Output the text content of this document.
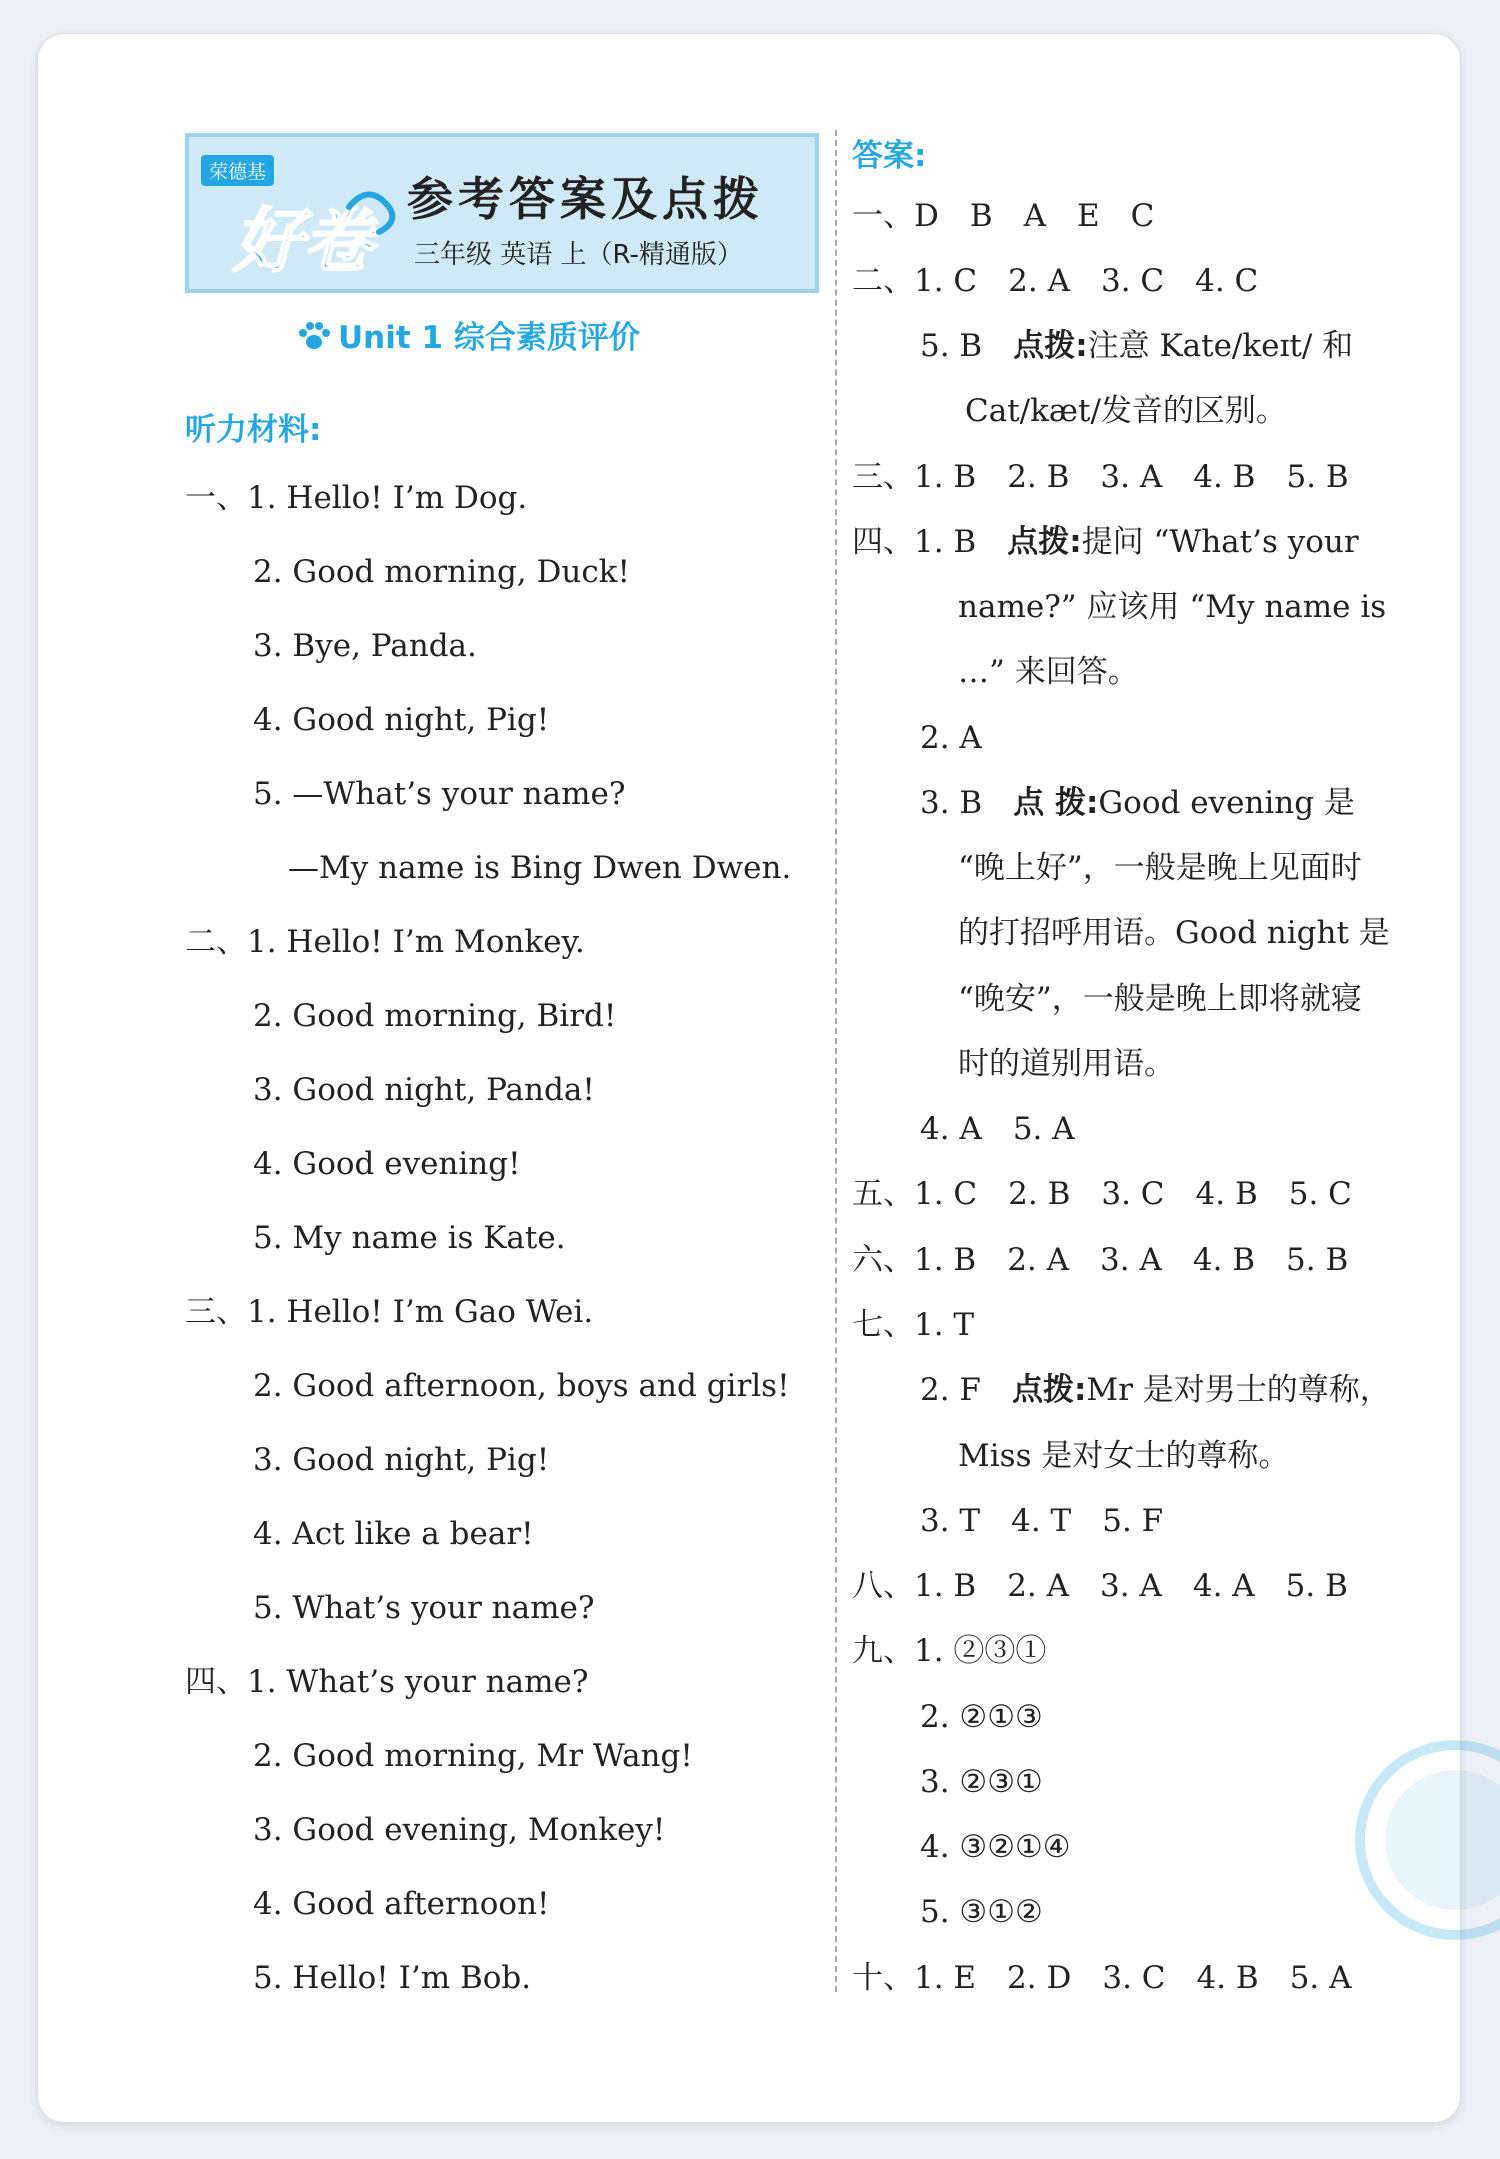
荣德基
好卷
参考答案及点拨
三年级 英语 上（R-精通版）
Unit 1 综合素质评价
听力材料:
一、1. Hello! I’m Dog.
2. Good morning, Duck!
3. Bye, Panda.
4. Good night, Pig!
5. —What’s your name?
—My name is Bing Dwen Dwen.
二、1. Hello! I’m Monkey.
2. Good morning, Bird!
3. Good night, Panda!
4. Good evening!
5. My name is Kate.
三、1. Hello! I’m Gao Wei.
2. Good afternoon, boys and girls!
3. Good night, Pig!
4. Act like a bear!
5. What’s your name?
四、1. What’s your name?
2. Good morning, Mr Wang!
3. Good evening, Monkey!
4. Good afternoon!
5. Hello! I’m Bob.
答案:
一、D　B　A　E　C
二、1. C　2. A　3. C　4. C
5. B　点拨:注意 Kate/keɪt/ 和
Cat/kæt/发音的区别。
三、1. B　2. B　3. A　4. B　5. B
四、1. B　点拨:提问 “What’s your
name?” 应该用 “My name is
…” 来回答。
2. A
3. B　点 拨:Good evening 是
“晚上好”，一般是晚上见面时
的打招呼用语。Good night 是
“晚安”，一般是晚上即将就寝
时的道别用语。
4. A　5. A
五、1. C　2. B　3. C　4. B　5. C
六、1. B　2. A　3. A　4. B　5. B
七、1. T
2. F　点拨:Mr 是对男士的尊称，
Miss 是对女士的尊称。
3. T　4. T　5. F
八、1. B　2. A　3. A　4. A　5. B
九、1. ②③①
2. ②①③
3. ②③①
4. ③②①④
5. ③①②
十、1. E　2. D　3. C　4. B　5. A
